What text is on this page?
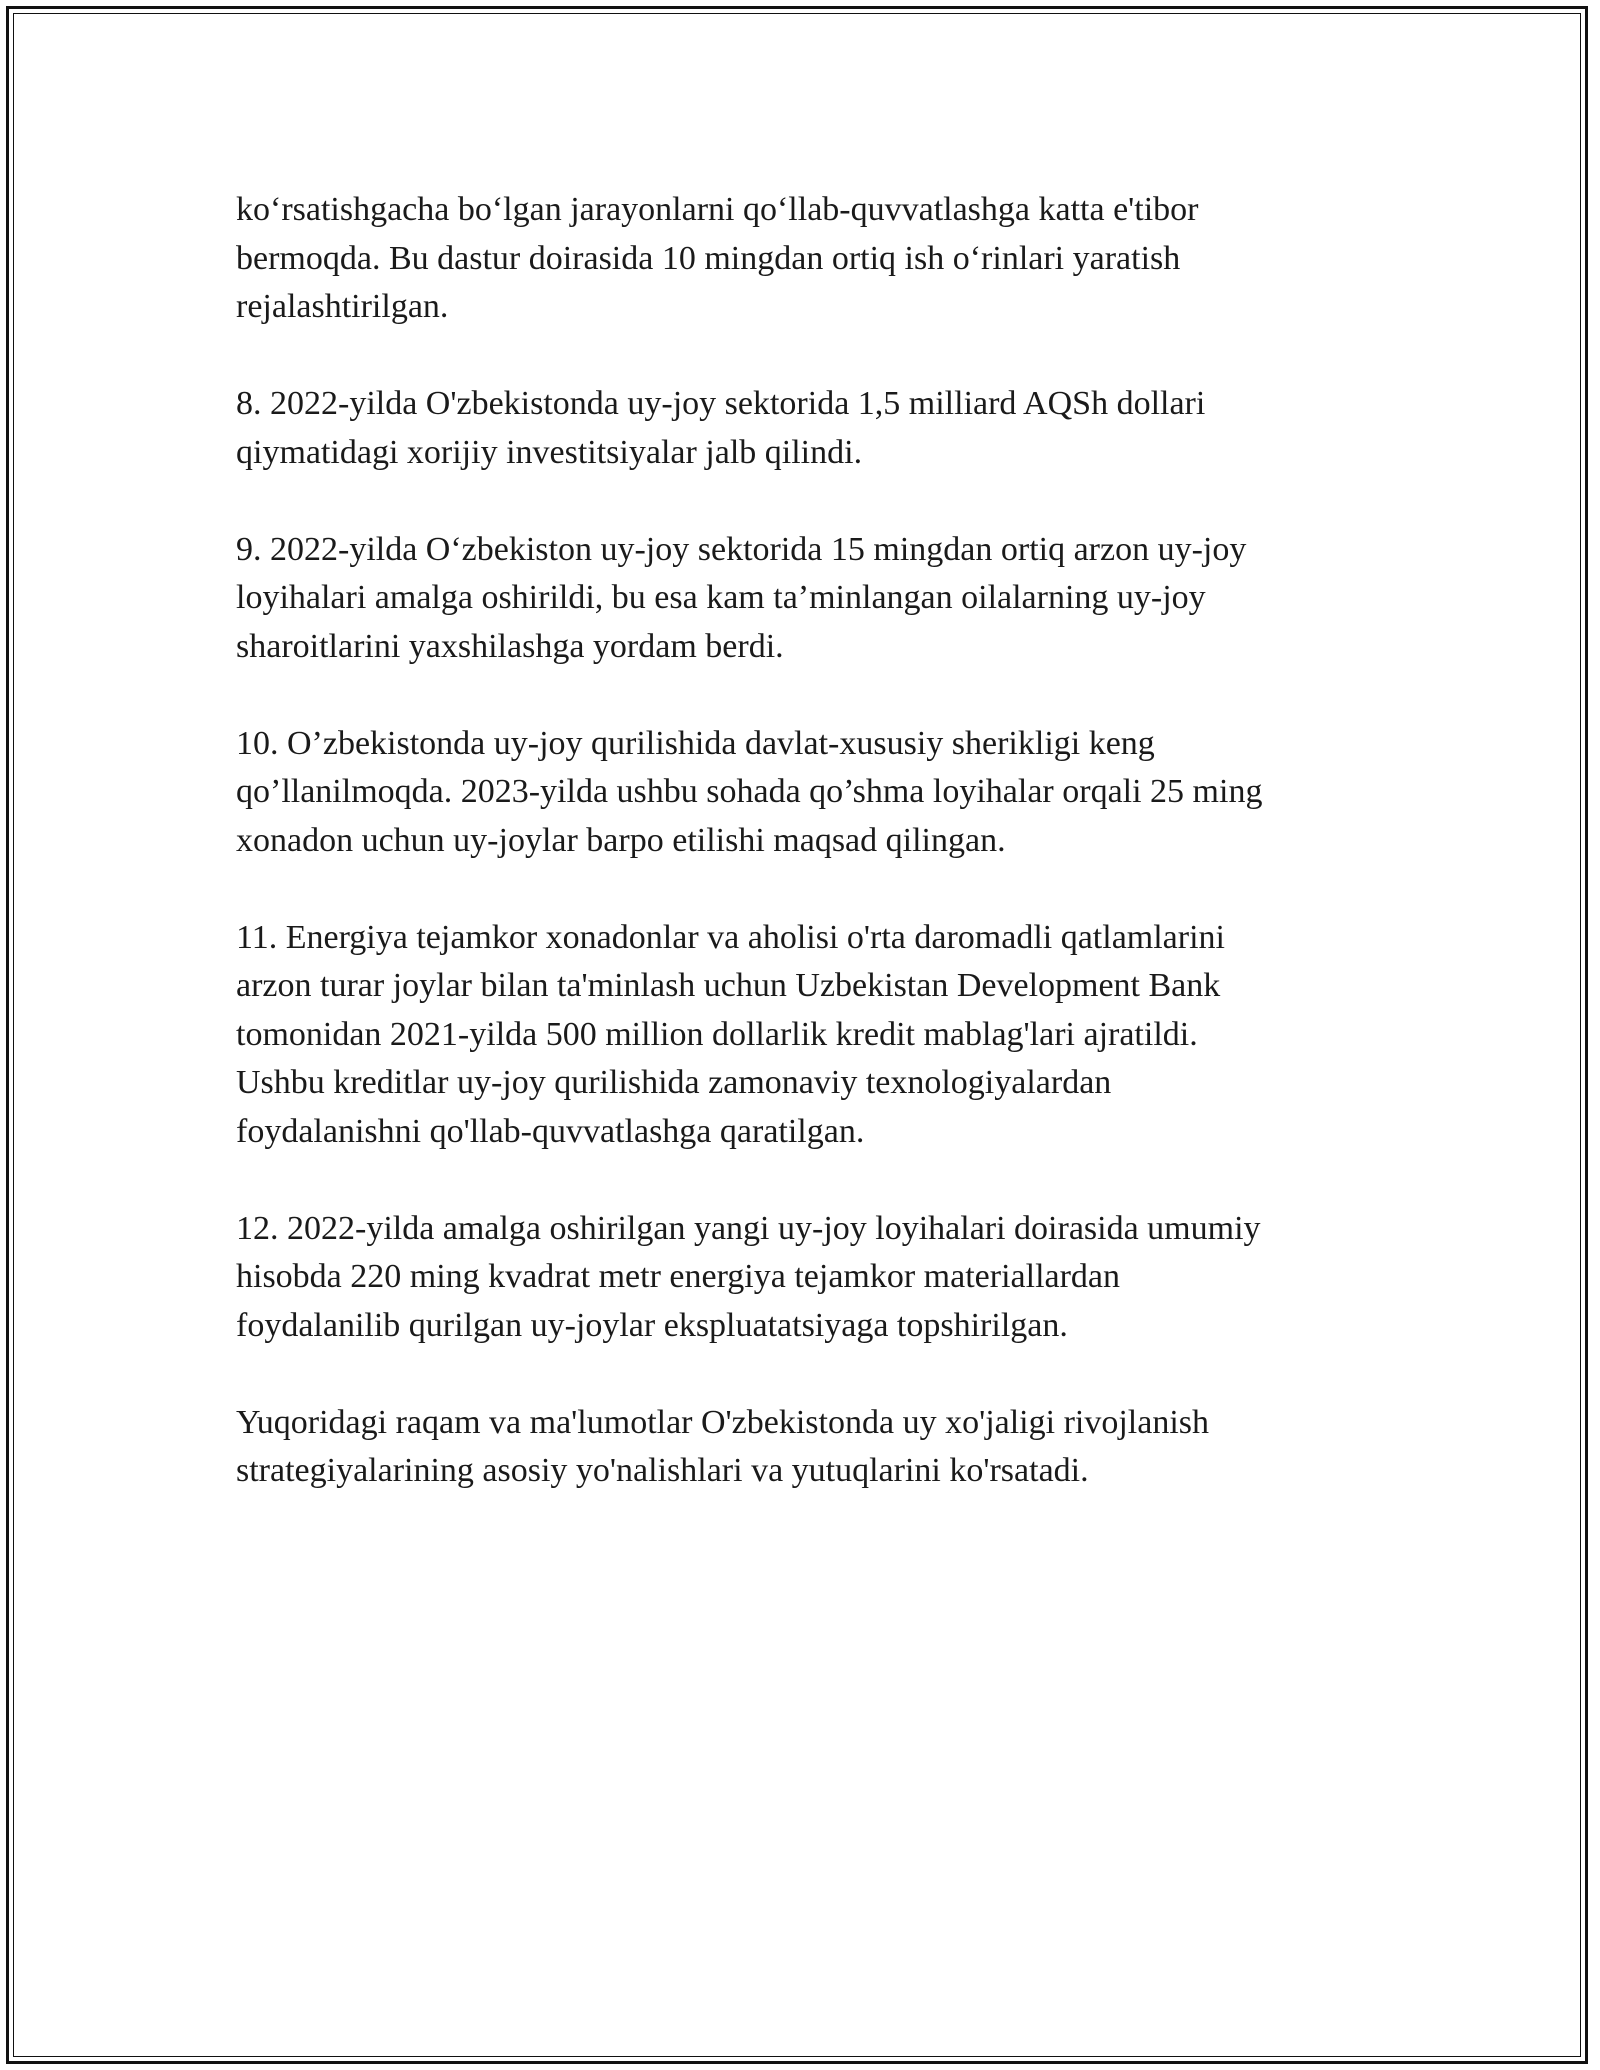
ko‘rsatishgacha bo‘lgan jarayonlarni qo‘llab-quvvatlashga katta e'tibor
bermoqda. Bu dastur doirasida 10 mingdan ortiq ish o‘rinlari yaratish
rejalashtirilgan.

8. 2022-yilda O'zbekistonda uy-joy sektorida 1,5 milliard AQSh dollari
qiymatidagi xorijiy investitsiyalar jalb qilindi.

9. 2022-yilda O‘zbekiston uy-joy sektorida 15 mingdan ortiq arzon uy-joy
loyihalari amalga oshirildi, bu esa kam ta’minlangan oilalarning uy-joy
sharoitlarini yaxshilashga yordam berdi.

10. O’zbekistonda uy-joy qurilishida davlat-xususiy sherikligi keng
qo’llanilmoqda. 2023-yilda ushbu sohada qo’shma loyihalar orqali 25 ming
xonadon uchun uy-joylar barpo etilishi maqsad qilingan.

11. Energiya tejamkor xonadonlar va aholisi o'rta daromadli qatlamlarini
arzon turar joylar bilan ta'minlash uchun Uzbekistan Development Bank
tomonidan 2021-yilda 500 million dollarlik kredit mablag'lari ajratildi.
Ushbu kreditlar uy-joy qurilishida zamonaviy texnologiyalardan
foydalanishni qo'llab-quvvatlashga qaratilgan.

12. 2022-yilda amalga oshirilgan yangi uy-joy loyihalari doirasida umumiy
hisobda 220 ming kvadrat metr energiya tejamkor materiallardan
foydalanilib qurilgan uy-joylar ekspluatatsiyaga topshirilgan.

Yuqoridagi raqam va ma'lumotlar O'zbekistonda uy xo'jaligi rivojlanish
strategiyalarining asosiy yo'nalishlari va yutuqlarini ko'rsatadi.
